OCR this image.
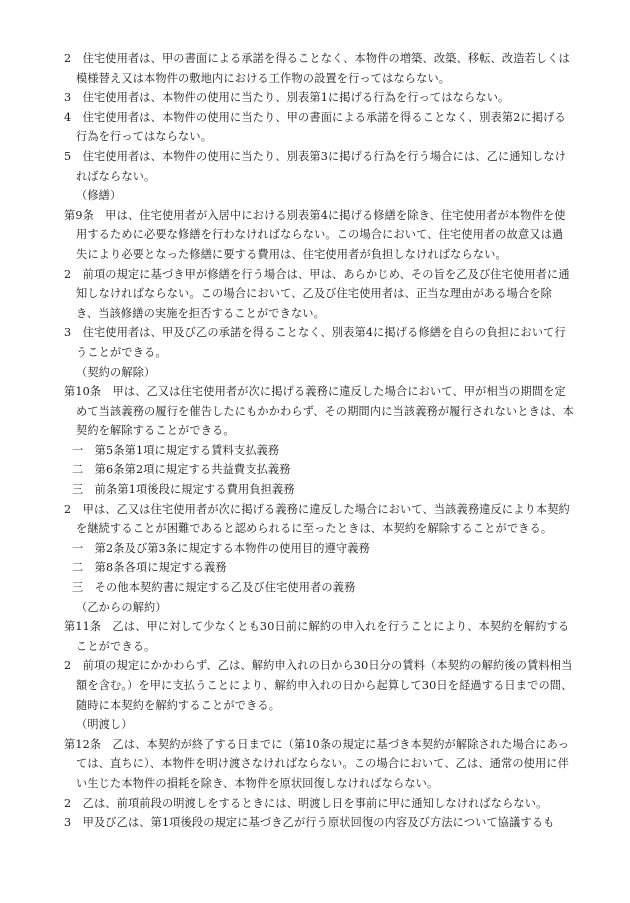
2　住宅使用者は、甲の書面による承諾を得ることなく、本物件の増築、改築、移転、改造若しくは模様替え又は本物件の敷地内における工作物の設置を行ってはならない。

3　住宅使用者は、本物件の使用に当たり、別表第1に掲げる行為を行ってはならない。

4　住宅使用者は、本物件の使用に当たり、甲の書面による承諾を得ることなく、別表第2に掲げる行為を行ってはならない。

5　住宅使用者は、本物件の使用に当たり、別表第3に掲げる行為を行う場合には、乙に通知しなければならない。

（修繕）

第9条　甲は、住宅使用者が入居中における別表第4に掲げる修繕を除き、住宅使用者が本物件を使用するために必要な修繕を行わなければならない。この場合において、住宅使用者の故意又は過失により必要となった修繕に要する費用は、住宅使用者が負担しなければならない。

2　前項の規定に基づき甲が修繕を行う場合は、甲は、あらかじめ、その旨を乙及び住宅使用者に通知しなければならない。この場合において、乙及び住宅使用者は、正当な理由がある場合を除き、当該修繕の実施を拒否することができない。

3　住宅使用者は、甲及び乙の承諾を得ることなく、別表第4に掲げる修繕を自らの負担において行うことができる。

（契約の解除）

第10条　甲は、乙又は住宅使用者が次に掲げる義務に違反した場合において、甲が相当の期間を定めて当該義務の履行を催告したにもかかわらず、その期間内に当該義務が履行されないときは、本契約を解除することができる。

一　第5条第1項に規定する賃料支払義務

二　第6条第2項に規定する共益費支払義務

三　前条第1項後段に規定する費用負担義務

2　甲は、乙又は住宅使用者が次に掲げる義務に違反した場合において、当該義務違反により本契約を継続することが困難であると認められるに至ったときは、本契約を解除することができる。

一　第2条及び第3条に規定する本物件の使用目的遵守義務

二　第8条各項に規定する義務

三　その他本契約書に規定する乙及び住宅使用者の義務

（乙からの解約）

第11条　乙は、甲に対して少なくとも30日前に解約の申入れを行うことにより、本契約を解約することができる。

2　前項の規定にかかわらず、乙は、解約申入れの日から30日分の賃料（本契約の解約後の賃料相当額を含む。）を甲に支払うことにより、解約申入れの日から起算して30日を経過する日までの間、随時に本契約を解約することができる。

（明渡し）

第12条　乙は、本契約が終了する日までに（第10条の規定に基づき本契約が解除された場合にあっては、直ちに）、本物件を明け渡さなければならない。この場合において、乙は、通常の使用に伴い生じた本物件の損耗を除き、本物件を原状回復しなければならない。

2　乙は、前項前段の明渡しをするときには、明渡し日を事前に甲に通知しなければならない。

3　甲及び乙は、第1項後段の規定に基づき乙が行う原状回復の内容及び方法について協議するも
